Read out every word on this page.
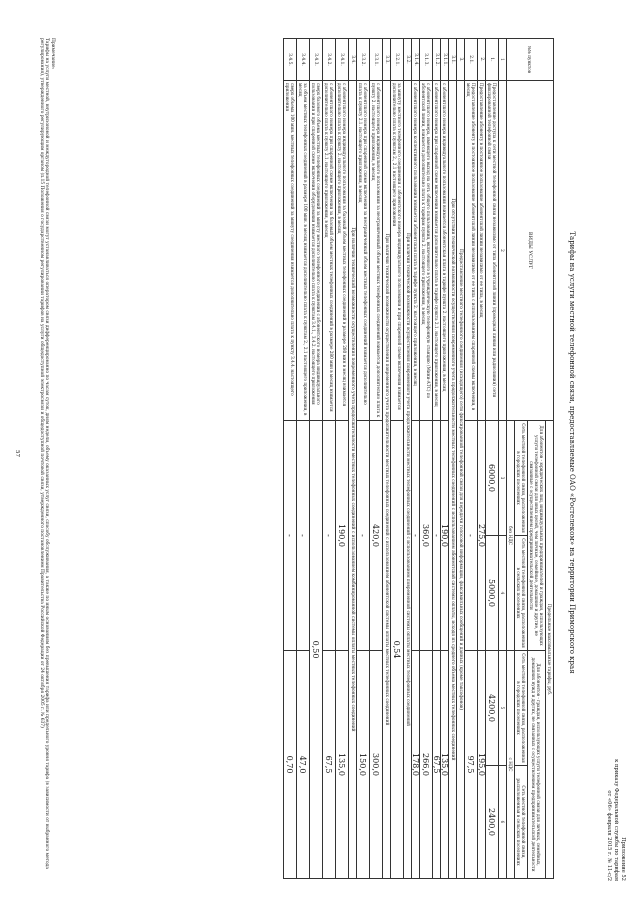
Приложение 52
к приказу Федеральной службы по тарифам
от «06» февраля 2015 г. № 11-с/2
Тарифы на услуги местной телефонной связи, предоставляемые ОАО «Ростелеком» на территории Приморского края
№№ пунктов	ВИДЫ УСЛУГ	Предельные максимальные тарифы, руб.			
		Для абонентов - юридических лиц, индивидуальных предпринимателей и граждан, использующих услуги телефонной связи для иных целей, чем личные, семейные, домашние и другие, не связанные с осуществлением предпринимательской деятельности		Для абонентов - граждан, использующих услуги телефонной связи для личных, семейных, домашних нужд и других, не связанных с осуществлением предпринимательской деятельности	
		Сеть местной телефонной связи, расположенная в городских поселениях	Сеть местной телефонной связи, расположенная в сельских поселениях	Сеть местной телефонной связи, расположенная в городских поселениях	Сеть местной телефонной связи, расположенная в сельских поселениях
		без НДС		с НДС	
1	2	3	4	5	6
1.	Предоставление доступа к сети местной телефонной связи независимо от типа абонентской линии (проводная линия или радиолиния) сети фиксированной телефонной связи	6000,0	5000,0	4200,0	2400,0
2.	Предоставление абоненту в постоянное пользование абонентской линии независимо от ее типа, в месяц	275,0		195,0	
2.1.	Предоставление абоненту в постоянное пользование абонентской линии независимо от ее типа с использованием спаренной схемы включения, в месяц	-		97,5	
3.	Предоставление местного телефонного соединения (исходящего) сети фиксированной телефонной связи для передачи голосовой информации, факсимильных сообщений и данных (кроме таксофонов)				
3.1.	При отсутствии технической возможности осуществления повременного учета продолжительности местных телефонных соединений с использованием абонентской системы оплаты, исходя из среднего объема местных телефонных соединений				
3.1.1.	с абонентского номера индивидуального пользования взимается абонентская плата в тарифе пункта 2. настоящего приложения, в месяц	190,0		135,0	
3.1.2.	с абонентского номера при спаренной схеме включения взимается дополнительно плата в тарифе пункта 2.1. настоящего приложения, в месяц	-		67,5	
3.1.3.	с абонентского номера, имеющего выход на сеть общего пользования, включенного в учрежденческую телефонную станцию (Мини-АТС) по абонентской линии, взимается дополнительно плата к тарифам пункта 2. настоящего приложения, в месяц	360,0		266,0	
3.1.4.	с абонентского номера коллективного пользования взимается абонентская плата в тарифе пункта 2. настоящего приложения, в месяц	-		178,0	
3.2.	При наличии технической возможности осуществления повременного учета продолжительности местных телефонных соединений с использованием повременной системы оплаты местных телефонных соединений				
3.2.1.	за минуту местного телефонного соединения с абонентского номера индивидуального пользования и при спаренной схеме включения взимается дополнительно плата к пунктам 2., 2.1 настоящего приложения	0,54			
3.3.	При наличии технической возможности осуществления повременного учета продолжительности местных телефонных соединений с использованием абонентской системы оплаты местных телефонных соединений				
3.3.1.	с абонентского номера индивидуального пользования за неограниченный объем местных телефонных соединений взимается дополнительно плата к пункту 2. настоящего приложения, в месяц	420,0		300,0	
3.3.2.	с абонентского номера при спаренной схеме включения за неограниченный объем местных телефонных соединений взимается дополнительно плата к пункту 2.1. настоящего приложения, в месяц	-		150,0	
3.4.	При наличии технической возможности осуществления повременного учета продолжительности местных телефонных соединений с использованием комбинированной системы оплаты местных телефонных соединений				
3.4.1.	с абонентского номера индивидуального пользования за базовый объем местных телефонных соединений в размере 280 мин в месяц взимается дополнительно плата к пункту 2. настоящего приложения, в месяц	190,0		135,0	
3.4.2.	с абонентского номера при спаренной схеме включения за базовый объем местных телефонных соединений в размере 280 мин в месяц взимается дополнительно плата к пункту 2.1. настоящего приложения, в месяц	-		67,5	
3.4.3.	сверх базового объема местных телефонных соединений за минуту местного телефонного соединения с абонентского номера индивидуального пользования и при спаренной схеме включения оборудования взимается дополнительно плата к пунктам 3.4.1., 3.4.2. настоящего приложения	0,50			
3.4.4.	за объем местных телефонных соединений в размере 100 мин. в месяц взимается дополнительно плата к пунктам 2., 2.1 настоящего приложения, в месяц	-		47,0	
3.4.5.	сверх объема 100 мин. местных телефонных соединений за минуту соединения взимается дополнительно плата к пункту 3.4.4. настоящего приложения	-		0,70	
Примечание:
Тарифы на услуги местной, внутризоновой и междугородной телефонной связи могут устанавливаться оператором связи дифференцированно по часам суток, дням недели, объему оказанных услуг связи, способу обслуживания, а также по иным основаниям без превышения тарифа или предельного уровня тарифа (в зависимости от выбранного метода регулирования), утвержденного регулирующим органом (п.15 Положения о государственном регулировании тарифов на услуги общедоступной электросвязи и общедоступной почтовой связи, утвержденного постановлением Правительства Российской Федерации от 24 октября 2005 г. № 637)
57
